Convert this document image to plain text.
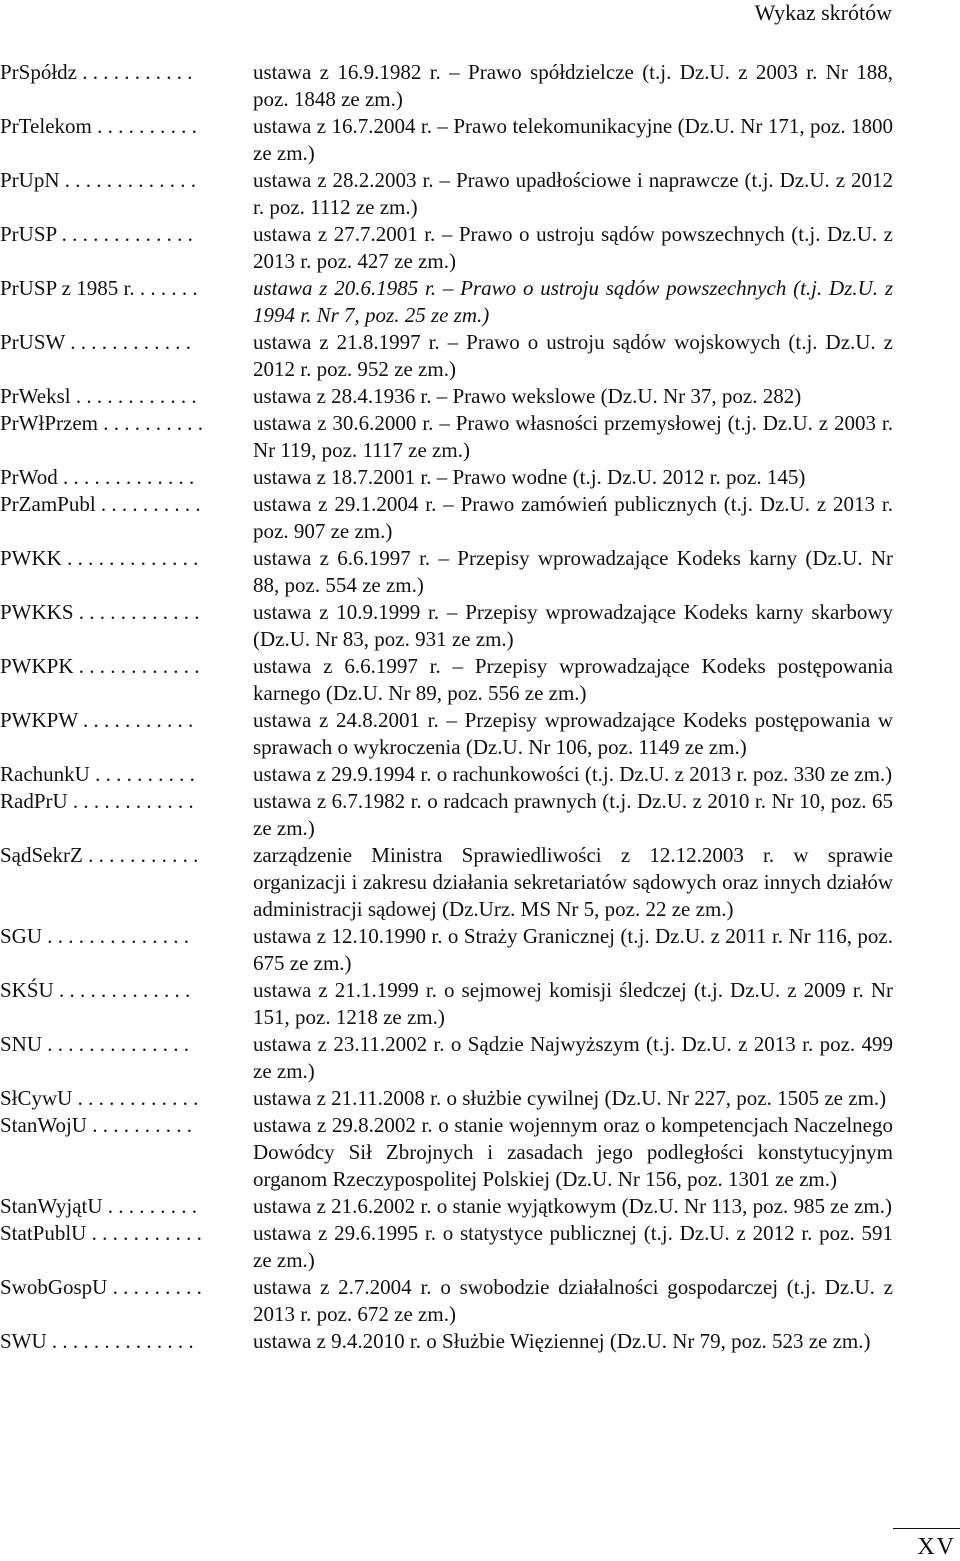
Wykaz skrótów
PrSpółdz . . . . . . . . . . .	ustawa z 16.9.1982 r. – Prawo spółdzielcze (t.j. Dz.U. z 2003 r. Nr 188, poz. 1848 ze zm.)
PrTelekom . . . . . . . . . .	ustawa z 16.7.2004 r. – Prawo telekomunikacyjne (Dz.U. Nr 171, poz. 1800 ze zm.)
PrUpN . . . . . . . . . . . . .	ustawa z 28.2.2003 r. – Prawo upadłościowe i naprawcze (t.j. Dz.U. z 2012 r. poz. 1112 ze zm.)
PrUSP . . . . . . . . . . . . .	ustawa z 27.7.2001 r. – Prawo o ustroju sądów powszechnych (t.j. Dz.U. z 2013 r. poz. 427 ze zm.)
PrUSP z 1985 r. . . . . . .	ustawa z 20.6.1985 r. – Prawo o ustroju sądów powszechnych (t.j. Dz.U. z 1994 r. Nr 7, poz. 25 ze zm.)
PrUSW . . . . . . . . . . . .	ustawa z 21.8.1997 r. – Prawo o ustroju sądów wojskowych (t.j. Dz.U. z 2012 r. poz. 952 ze zm.)
PrWeksl . . . . . . . . . . . .	ustawa z 28.4.1936 r. – Prawo wekslowe (Dz.U. Nr 37, poz. 282)
PrWłPrzem . . . . . . . . . .	ustawa z 30.6.2000 r. – Prawo własności przemysłowej (t.j. Dz.U. z 2003 r. Nr 119, poz. 1117 ze zm.)
PrWod . . . . . . . . . . . . .	ustawa z 18.7.2001 r. – Prawo wodne (t.j. Dz.U. 2012 r. poz. 145)
PrZamPubl . . . . . . . . . .	ustawa z 29.1.2004 r. – Prawo zamówień publicznych (t.j. Dz.U. z 2013 r. poz. 907 ze zm.)
PWKK . . . . . . . . . . . . .	ustawa z 6.6.1997 r. – Przepisy wprowadzające Kodeks karny (Dz.U. Nr 88, poz. 554 ze zm.)
PWKKS . . . . . . . . . . . .	ustawa z 10.9.1999 r. – Przepisy wprowadzające Kodeks karny skarbowy (Dz.U. Nr 83, poz. 931 ze zm.)
PWKPK . . . . . . . . . . . .	ustawa z 6.6.1997 r. – Przepisy wprowadzające Kodeks postępowania karnego (Dz.U. Nr 89, poz. 556 ze zm.)
PWKPW . . . . . . . . . . .	ustawa z 24.8.2001 r. – Przepisy wprowadzające Kodeks postępowania w sprawach o wykroczenia (Dz.U. Nr 106, poz. 1149 ze zm.)
RachunkU . . . . . . . . . .	ustawa z 29.9.1994 r. o rachunkowości (t.j. Dz.U. z 2013 r. poz. 330 ze zm.)
RadPrU . . . . . . . . . . . .	ustawa z 6.7.1982 r. o radcach prawnych (t.j. Dz.U. z 2010 r. Nr 10, poz. 65 ze zm.)
SądSekrZ . . . . . . . . . . .	zarządzenie Ministra Sprawiedliwości z 12.12.2003 r. w sprawie organizacji i zakresu działania sekretariatów sądowych oraz innych działów administracji sądowej (Dz.Urz. MS Nr 5, poz. 22 ze zm.)
SGU . . . . . . . . . . . . . .	ustawa z 12.10.1990 r. o Straży Granicznej (t.j. Dz.U. z 2011 r. Nr 116, poz. 675 ze zm.)
SKŚU . . . . . . . . . . . . .	ustawa z 21.1.1999 r. o sejmowej komisji śledczej (t.j. Dz.U. z 2009 r. Nr 151, poz. 1218 ze zm.)
SNU . . . . . . . . . . . . . .	ustawa z 23.11.2002 r. o Sądzie Najwyższym (t.j. Dz.U. z 2013 r. poz. 499 ze zm.)
SłCywU . . . . . . . . . . . .	ustawa z 21.11.2008 r. o służbie cywilnej (Dz.U. Nr 227, poz. 1505 ze zm.)
StanWojU . . . . . . . . . .	ustawa z 29.8.2002 r. o stanie wojennym oraz o kompetencjach Naczelnego Dowódcy Sił Zbrojnych i zasadach jego podległości konstytucyjnym organom Rzeczypospolitej Polskiej (Dz.U. Nr 156, poz. 1301 ze zm.)
StanWyjątU . . . . . . . . .	ustawa z 21.6.2002 r. o stanie wyjątkowym (Dz.U. Nr 113, poz. 985 ze zm.)
StatPublU . . . . . . . . . . .	ustawa z 29.6.1995 r. o statystyce publicznej (t.j. Dz.U. z 2012 r. poz. 591 ze zm.)
SwobGospU . . . . . . . . .	ustawa z 2.7.2004 r. o swobodzie działalności gospodarczej (t.j. Dz.U. z 2013 r. poz. 672 ze zm.)
SWU . . . . . . . . . . . . . .	ustawa z 9.4.2010 r. o Służbie Więziennej (Dz.U. Nr 79, poz. 523 ze zm.)
XV
